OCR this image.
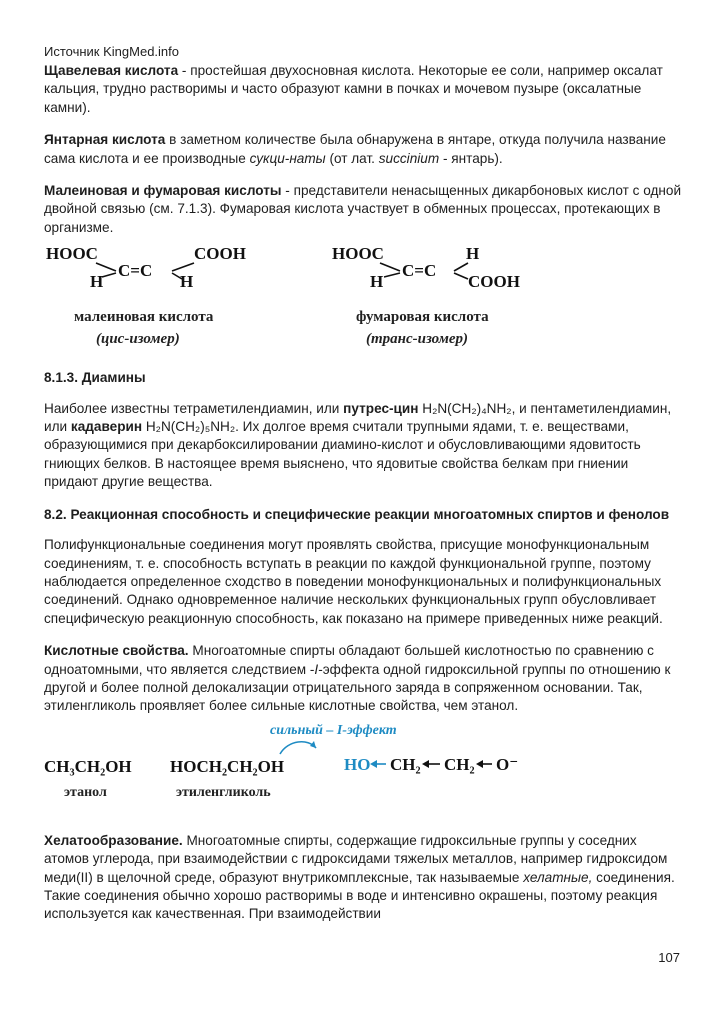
Источник KingMed.info

Щавелевая кислота - простейшая двухосновная кислота. Некоторые ее соли, например оксалат кальция, трудно растворимы и часто образуют камни в почках и мочевом пузыре (оксалатные камни).

Янтарная кислота в заметном количестве была обнаружена в янтаре, откуда получила название сама кислота и ее производные сукци-наты (от лат. succinium - янтарь).

Малеиновая и фумаровая кислоты - представители ненасыщенных дикарбоновых кислот с одной двойной связью (см. 7.1.3). Фумаровая кислота участвует в обменных процессах, протекающих в организме.

HOOC	COOH
H	H
C=C
HOOC	H
H	COOH
C=C
малеиновая кислота
(цис-изомер)
фумаровая кислота
(транс-изомер)

8.1.3. Диамины

Наиболее известны тетраметилендиамин, или путрес-цин H₂N(CH₂)₄NH₂, и пентаметилендиамин, или кадаверин H₂N(CH₂)₅NH₂. Их долгое время считали трупными ядами, т. е. веществами, образующимися при декарбоксилировании диамино-кислот и обусловливающими ядовитость гниющих белков. В настоящее время выяснено, что ядовитые свойства белкам при гниении придают другие вещества.

8.2. Реакционная способность и специфические реакции многоатомных спиртов и фенолов

Полифункциональные соединения могут проявлять свойства, присущие монофункциональным соединениям, т. е. способность вступать в реакции по каждой функциональной группе, поэтому наблюдается определенное сходство в поведении монофункциональных и полифункциональных соединений. Однако одновременное наличие нескольких функциональных групп обусловливает специфическую реакционную способность, как показано на примере приведенных ниже реакций.

Кислотные свойства. Многоатомные спирты обладают большей кислотностью по сравнению с одноатомными, что является следствием -I-эффекта одной гидроксильной группы по отношению к другой и более полной делокализации отрицательного заряда в сопряженном основании. Так, этиленгликоль проявляет более сильные кислотные свойства, чем этанол.

сильный – I-эффект
CH₃CH₂OH
этанол
HOCH₂CH₂OH
этиленгликоль
HO CH₂ CH₂ O⁻

Хелатообразование. Многоатомные спирты, содержащие гидроксильные группы у соседних атомов углерода, при взаимодействии с гидроксидами тяжелых металлов, например гидроксидом меди(II) в щелочной среде, образуют внутрикомплексные, так называемые хелатные, соединения. Такие соединения обычно хорошо растворимы в воде и интенсивно окрашены, поэтому реакция используется как качественная. При взаимодействии

107
